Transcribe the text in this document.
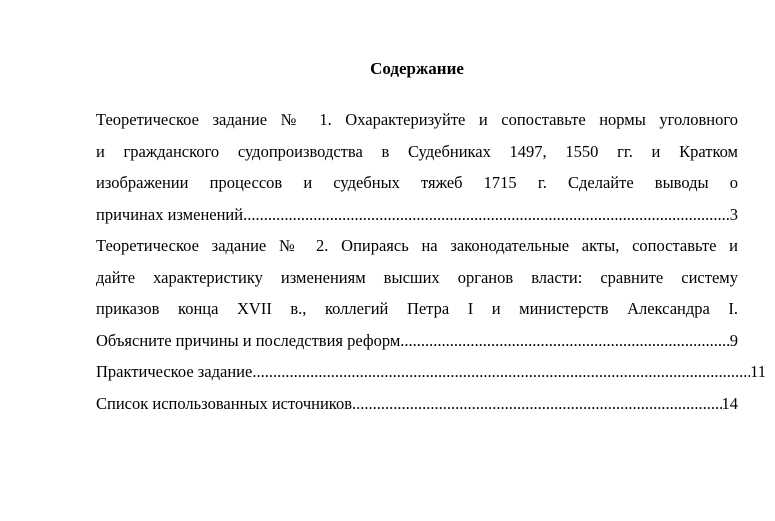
Содержание
Теоретическое задание № 1. Охарактеризуйте и сопоставьте нормы уголовного
и гражданского судопроизводства в Судебниках 1497, 1550 гг. и Кратком
изображении процессов и судебных тяжеб 1715 г. Сделайте выводы о
причинах изменений .....	3
Теоретическое задание № 2. Опираясь на законодательные акты, сопоставьте и
дайте характеристику изменениям высших органов власти: сравните систему
приказов конца XVII в., коллегий Петра I и министерств Александра I.
Объясните причины и последствия реформ .....	9
Практическое задание .....	11
Список использованных источников .....	14
